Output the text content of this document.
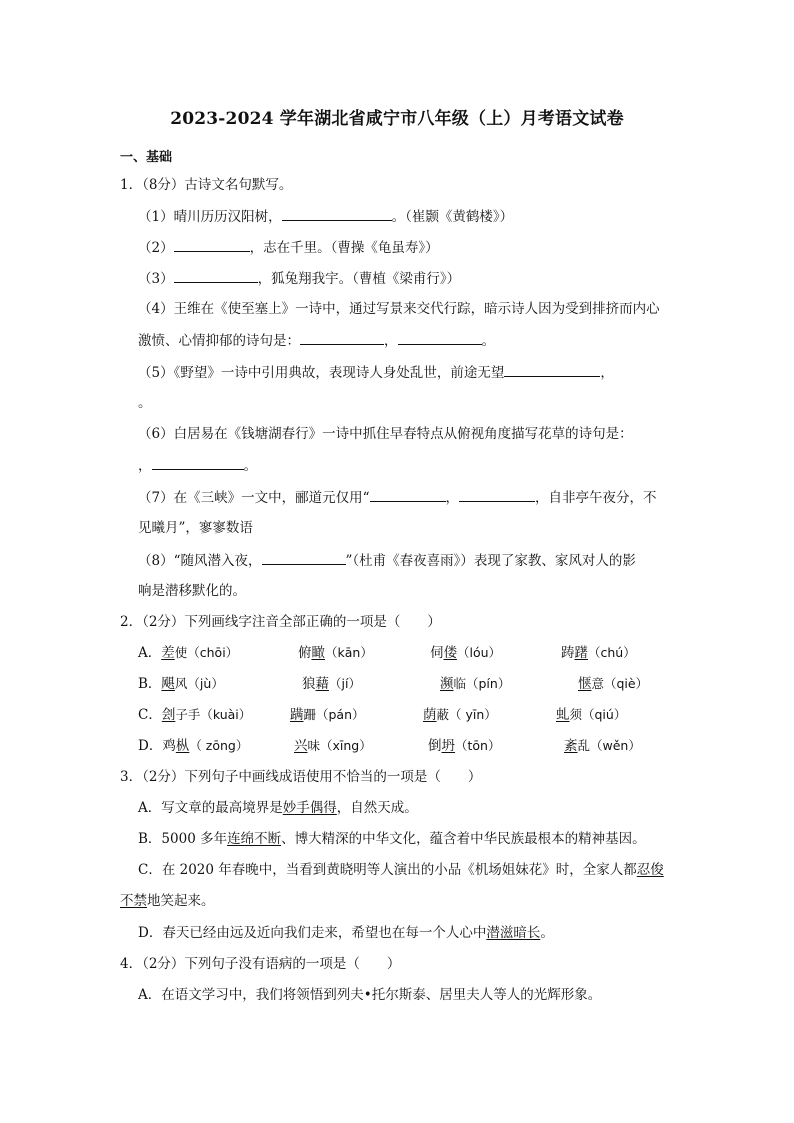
2023-2024 学年湖北省咸宁市八年级（上）月考语文试卷

一、基础

1．（8分）古诗文名句默写。

（1）晴川历历汉阳树，	。（崔颢《黄鹤楼》）

（2）	，志在千里。（曹操《龟虽寿》）

（3）	，狐兔翔我宇。（曹植《梁甫行》）

（4）王维在《使至塞上》一诗中，通过写景来交代行踪，暗示诗人因为受到排挤而内心

激愤、心情抑郁的诗句是：	，	。

（5）《野望》一诗中引用典故，表现诗人身处乱世，前途无望	，

。

（6）白居易在《钱塘湖春行》一诗中抓住早春特点从俯视角度描写花草的诗句是：

，	。

（7）在《三峡》一文中，郦道元仅用“	，	，自非亭午夜分，不

见曦月”，寥寥数语

（8）“随风潜入夜，	”（杜甫《春夜喜雨》）表现了家教、家风对人的影

响是潜移默化的。

2．（2分）下列画线字注音全部正确的一项是（　　）

A．差使（chōi）	俯瞰（kān）	伺偻（lóu）	踌躇（chú）
B．飓风（jù）	狼藉（jí）	濒临（pín）	惬意（qiè）
C．刽子手（kuài）	蹒跚（pán）	荫蔽（ yīn）	虬须（qiú）
D．鸡枞（ zōng）	兴味（xīng）	倒坍（tōn）	紊乱（wěn）

3．（2分）下列句子中画线成语使用不恰当的一项是（　　）

A．写文章的最高境界是妙手偶得，自然天成。

B．5000 多年连绵不断、博大精深的中华文化，蕴含着中华民族最根本的精神基因。

C．在 2020 年春晚中，当看到黄晓明等人演出的小品《机场姐妹花》时，全家人都忍俊

不禁地笑起来。

D．春天已经由远及近向我们走来，希望也在每一个人心中潜滋暗长。

4．（2分）下列句子没有语病的一项是（　　）

A．在语文学习中，我们将领悟到列夫•托尔斯泰、居里夫人等人的光辉形象。
